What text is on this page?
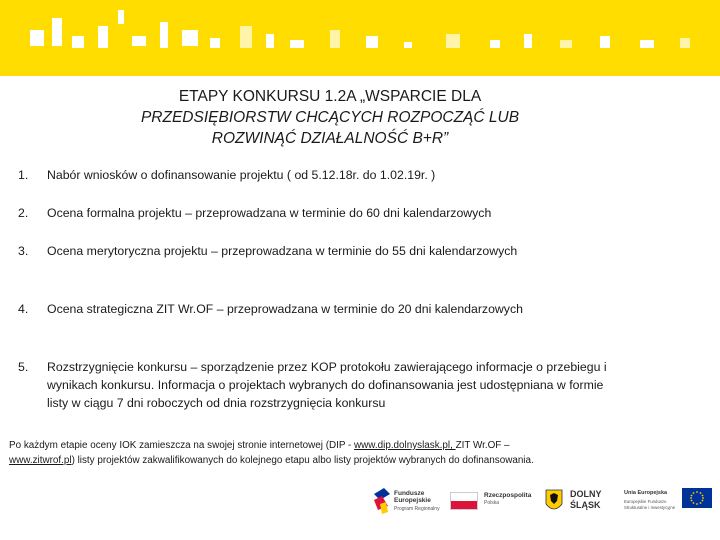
ETAPY KONKURSU 1.2A „WSPARCIE DLA
PRZEDSIĘBIORSTW CHCĄCYCH ROZPOCZĄĆ LUB
ROZWINĄĆ DZIAŁALNOŚĆ B+R”
1.	Nabór wniosków o dofinansowanie projektu ( od 5.12.18r. do 1.02.19r. )
2.	Ocena formalna projektu – przeprowadzana w terminie do 60 dni kalendarzowych
3.	Ocena merytoryczna projektu – przeprowadzana w terminie do 55 dni kalendarzowych
4.	Ocena strategiczna ZIT Wr.OF – przeprowadzana w terminie do 20 dni kalendarzowych
5.	Rozstrzygnięcie konkursu – sporządzenie przez KOP protokołu zawierającego informacje o przebiegu i wynikach konkursu. Informacja o projektach wybranych do dofinansowania jest udostępniana w formie listy w ciągu 7 dni roboczych od dnia rozstrzygnięcia konkursu
Po każdym etapie oceny IOK zamieszcza na swojej stronie internetowej (DIP - www.dip.dolnyslask.pl, ZIT Wr.OF –
www.zitwrof.pl) listy projektów zakwalifikowanych do kolejnego etapu albo listy projektów wybranych do dofinansowania.
Fundusze
Europejskie
Program Regionalny
Rzeczpospolita
Polska
DOLNY
ŚLĄSK
Unia Europejska
Europejskie Fundusze
Strukturalne i Inwestycyjne
